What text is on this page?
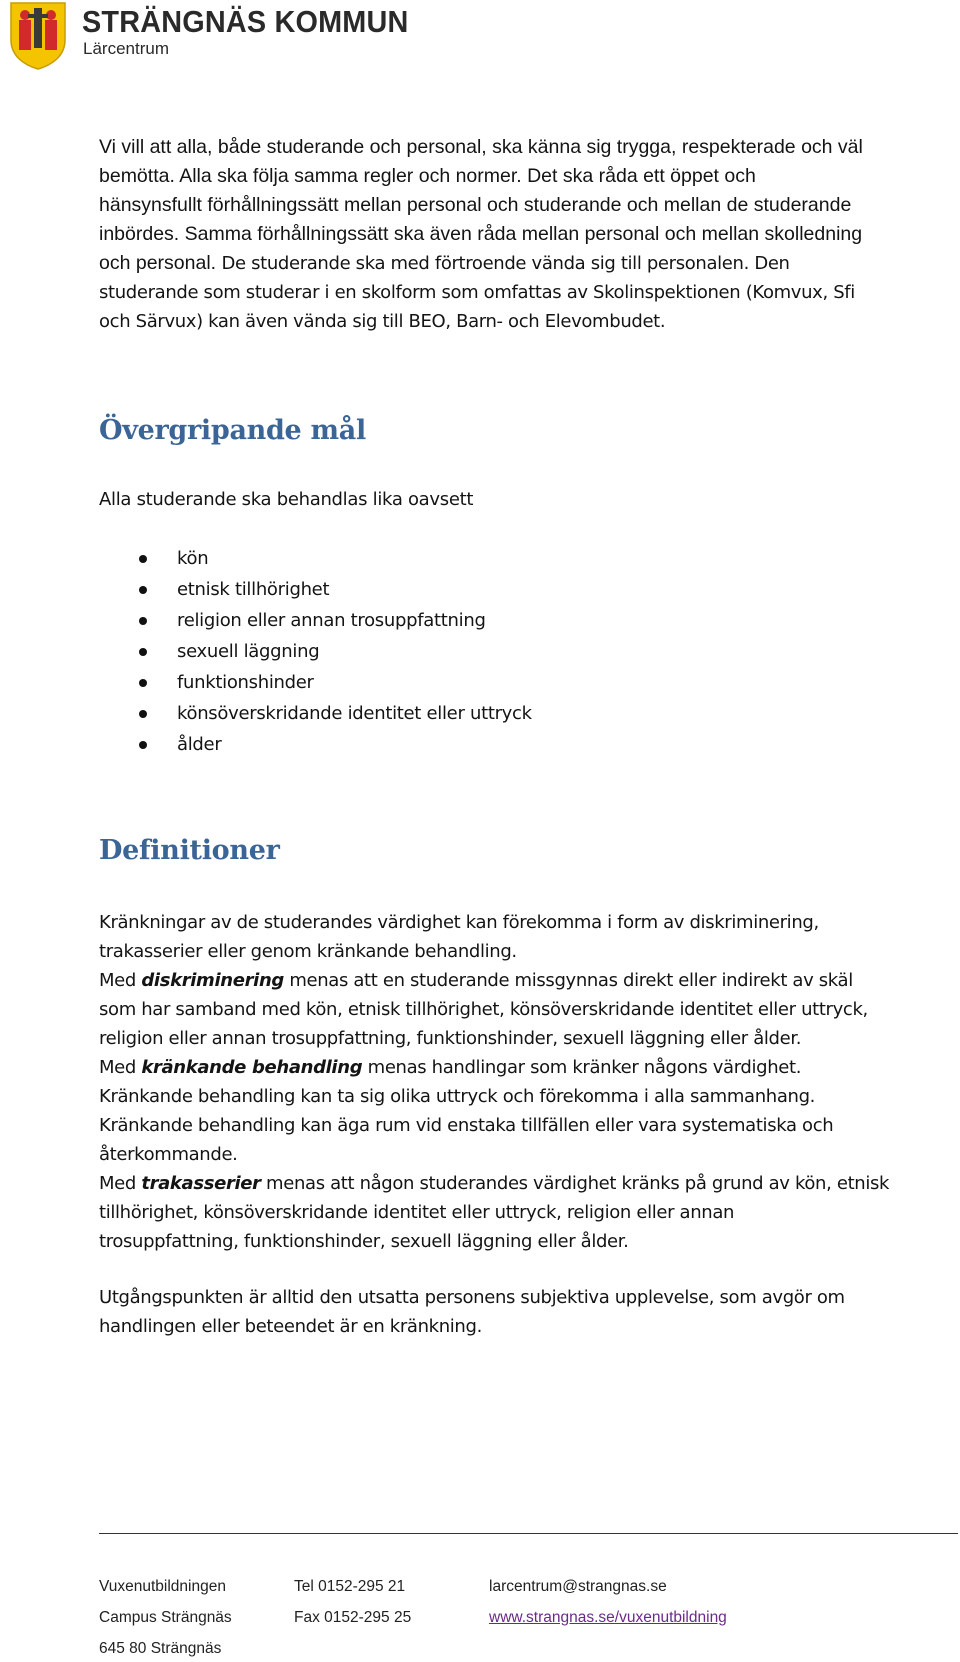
STRÄNGNÄS KOMMUN
Lärcentrum

Vi vill att alla, både studerande och personal, ska känna sig trygga, respekterade och väl
bemötta. Alla ska följa samma regler och normer. Det ska råda ett öppet och
hänsynsfullt förhållningssätt mellan personal och studerande och mellan de studerande
inbördes. Samma förhållningssätt ska även råda mellan personal och mellan skolledning
och personal. De studerande ska med förtroende vända sig till personalen. Den
studerande som studerar i en skolform som omfattas av Skolinspektionen (Komvux, Sfi
och Särvux) kan även vända sig till BEO, Barn- och Elevombudet.

Övergripande mål

Alla studerande ska behandlas lika oavsett

kön
etnisk tillhörighet
religion eller annan trosuppfattning
sexuell läggning
funktionshinder
könsöverskridande identitet eller uttryck
ålder
Definitioner

Kränkningar av de studerandes värdighet kan förekomma i form av diskriminering,
trakasserier eller genom kränkande behandling.
Med diskriminering menas att en studerande missgynnas direkt eller indirekt av skäl
som har samband med kön, etnisk tillhörighet, könsöverskridande identitet eller uttryck,
religion eller annan trosuppfattning, funktionshinder, sexuell läggning eller ålder.
Med kränkande behandling menas handlingar som kränker någons värdighet.
Kränkande behandling kan ta sig olika uttryck och förekomma i alla sammanhang.
Kränkande behandling kan äga rum vid enstaka tillfällen eller vara systematiska och
återkommande.
Med trakasserier menas att någon studerandes värdighet kränks på grund av kön, etnisk
tillhörighet, könsöverskridande identitet eller uttryck, religion eller annan
trosuppfattning, funktionshinder, sexuell läggning eller ålder.

Utgångspunkten är alltid den utsatta personens subjektiva upplevelse, som avgör om
handlingen eller beteendet är en kränkning.

Vuxenutbildningen
Campus Strängnäs
645 80 Strängnäs
Tel 0152-295 21
Fax 0152-295 25
larcentrum@strangnas.se
www.strangnas.se/vuxenutbildning
